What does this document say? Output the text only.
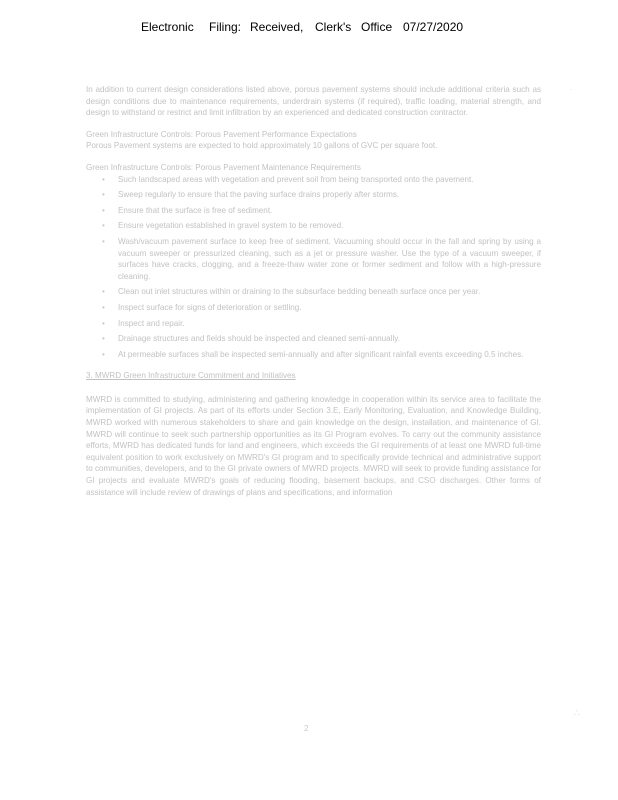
Electronic

Filing:

Received,

Clerk's

Office

07/27/2020

In addition to current design considerations listed above, porous pavement systems should include additional criteria such as design conditions due to maintenance requirements, underdrain systems (if required), traffic loading, material strength, and design to withstand or restrict and limit infiltration by an experienced and dedicated construction contractor.

Green Infrastructure Controls: Porous Pavement Performance Expectations

Porous Pavement systems are expected to hold approximately 10 gallons of GVC per square foot.

Green Infrastructure Controls: Porous Pavement Maintenance Requirements

• Such landscaped areas with vegetation and prevent soil from being transported onto the pavement.
• Sweep regularly to ensure that the paving surface drains properly after storms.
• Ensure that the surface is free of sediment.
• Ensure vegetation established in gravel system to be removed.
• Wash/vacuum pavement surface to keep free of sediment. Vacuuming should occur in the fall and spring by using a vacuum sweeper or pressurized cleaning, such as a jet or pressure washer. Use the type of a vacuum sweeper, if surfaces have cracks, clogging, and a freeze-thaw water zone or former sediment and follow with a high-pressure cleaning.
• Clean out inlet structures within or draining to the subsurface bedding beneath surface once per year.
• Inspect surface for signs of deterioration or settling.
• Inspect and repair.
• Drainage structures and fields should be inspected and cleaned semi-annually.
• At permeable surfaces shall be inspected semi-annually and after significant rainfall events exceeding 0.5 inches.

3. MWRD Green Infrastructure Commitment and Initiatives

MWRD is committed to studying, administering and gathering knowledge in cooperation within its service area to facilitate the implementation of GI projects. As part of its efforts under Section 3.E, Early Monitoring, Evaluation, and Knowledge Building, MWRD worked with numerous stakeholders to share and gain knowledge on the design, installation, and maintenance of GI. MWRD will continue to seek such partnership opportunities as its GI Program evolves. To carry out the community assistance efforts, MWRD has dedicated funds for land and engineers, which exceeds the GI requirements of at least one MWRD full-time equivalent position to work exclusively on MWRD's GI program and to specifically provide technical and administrative support to communities, developers, and to the GI private owners of MWRD projects. MWRD will seek to provide funding assistance for GI projects and evaluate MWRD's goals of reducing flooding, basement backups, and CSO discharges. Other forms of assistance will include review of drawings of plans and specifications, and information

2
˙
∴
